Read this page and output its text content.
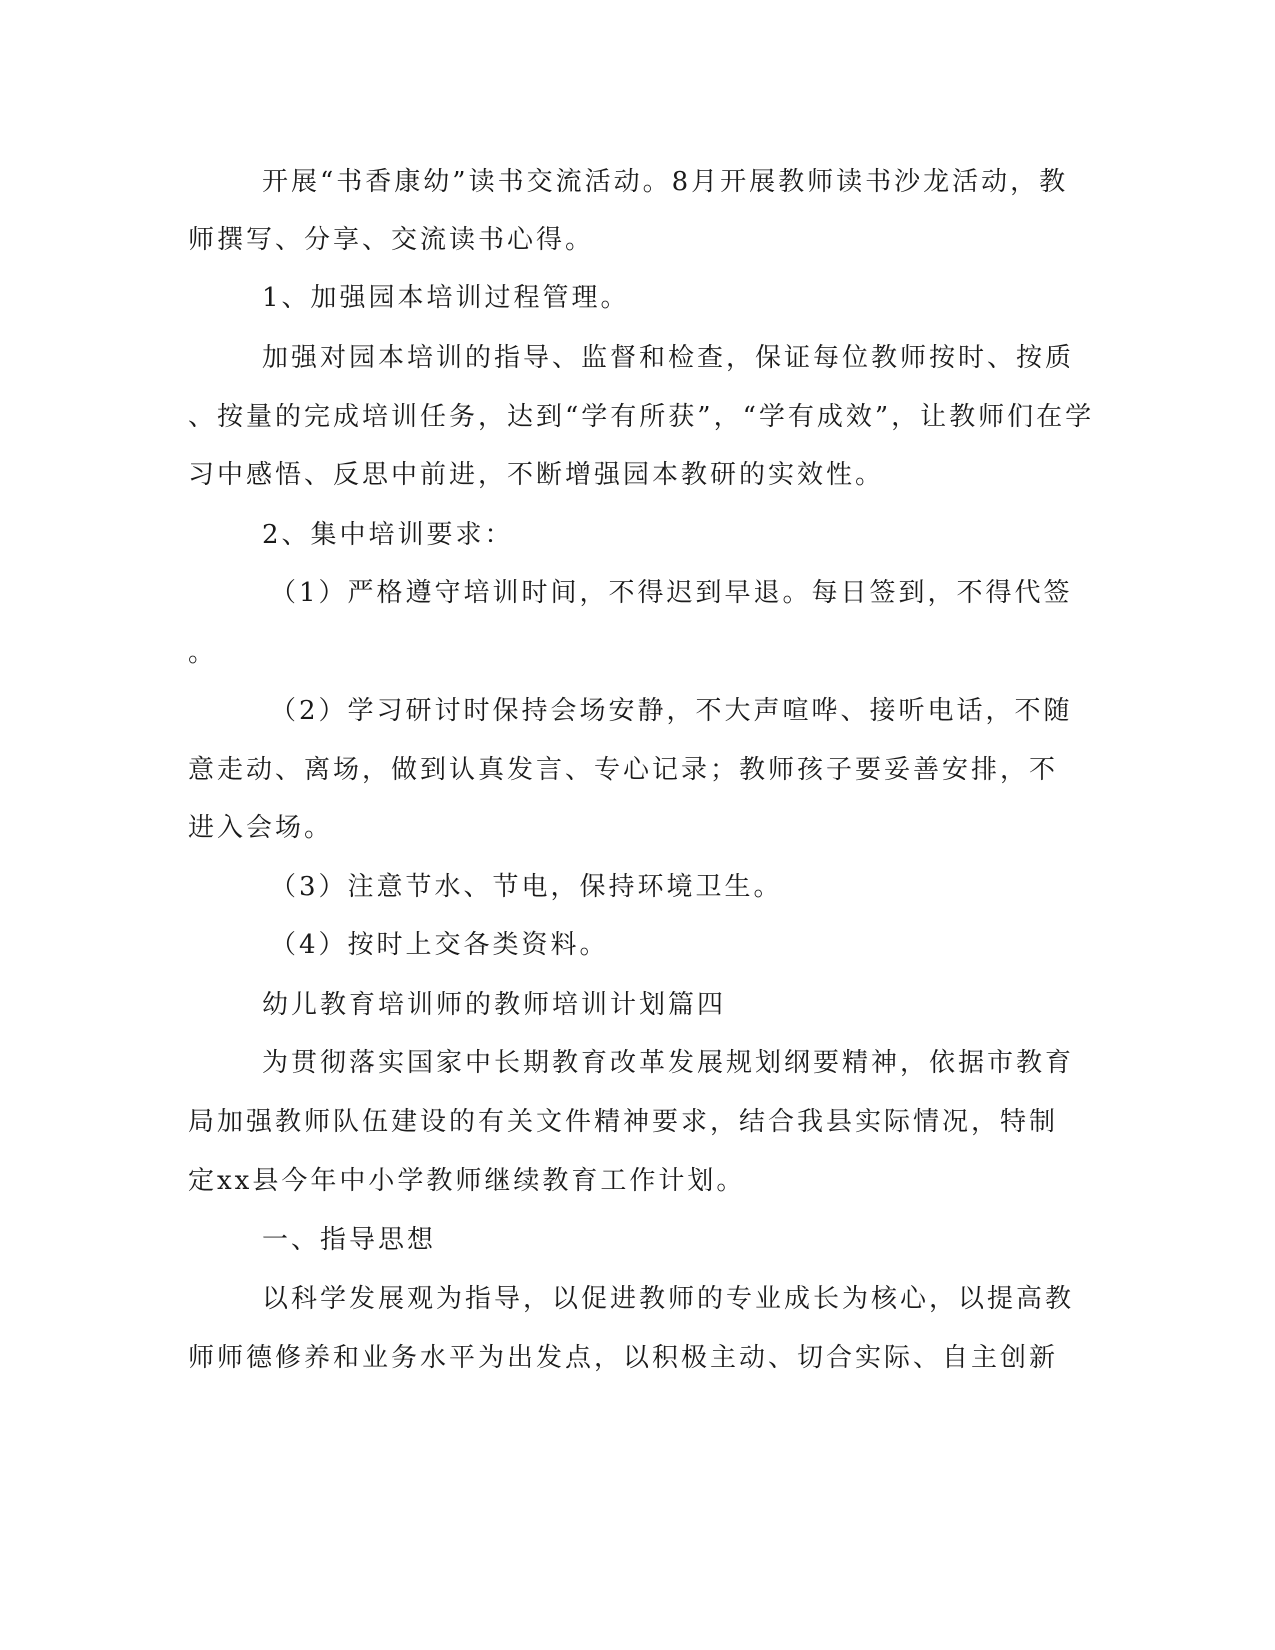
开展“书香康幼”读书交流活动。8月开展教师读书沙龙活动，教
师撰写、分享、交流读书心得。
1、加强园本培训过程管理。
加强对园本培训的指导、监督和检查，保证每位教师按时、按质
、按量的完成培训任务，达到“学有所获”，“学有成效”，让教师们在学
习中感悟、反思中前进，不断增强园本教研的实效性。
2、集中培训要求：
（1）严格遵守培训时间，不得迟到早退。每日签到，不得代签
。
（2）学习研讨时保持会场安静，不大声喧哗、接听电话，不随
意走动、离场，做到认真发言、专心记录；教师孩子要妥善安排，不
进入会场。
（3）注意节水、节电，保持环境卫生。
（4）按时上交各类资料。
幼儿教育培训师的教师培训计划篇四
为贯彻落实国家中长期教育改革发展规划纲要精神，依据市教育
局加强教师队伍建设的有关文件精神要求，结合我县实际情况，特制
定xx县今年中小学教师继续教育工作计划。
一、指导思想
以科学发展观为指导，以促进教师的专业成长为核心，以提高教
师师德修养和业务水平为出发点，以积极主动、切合实际、自主创新
